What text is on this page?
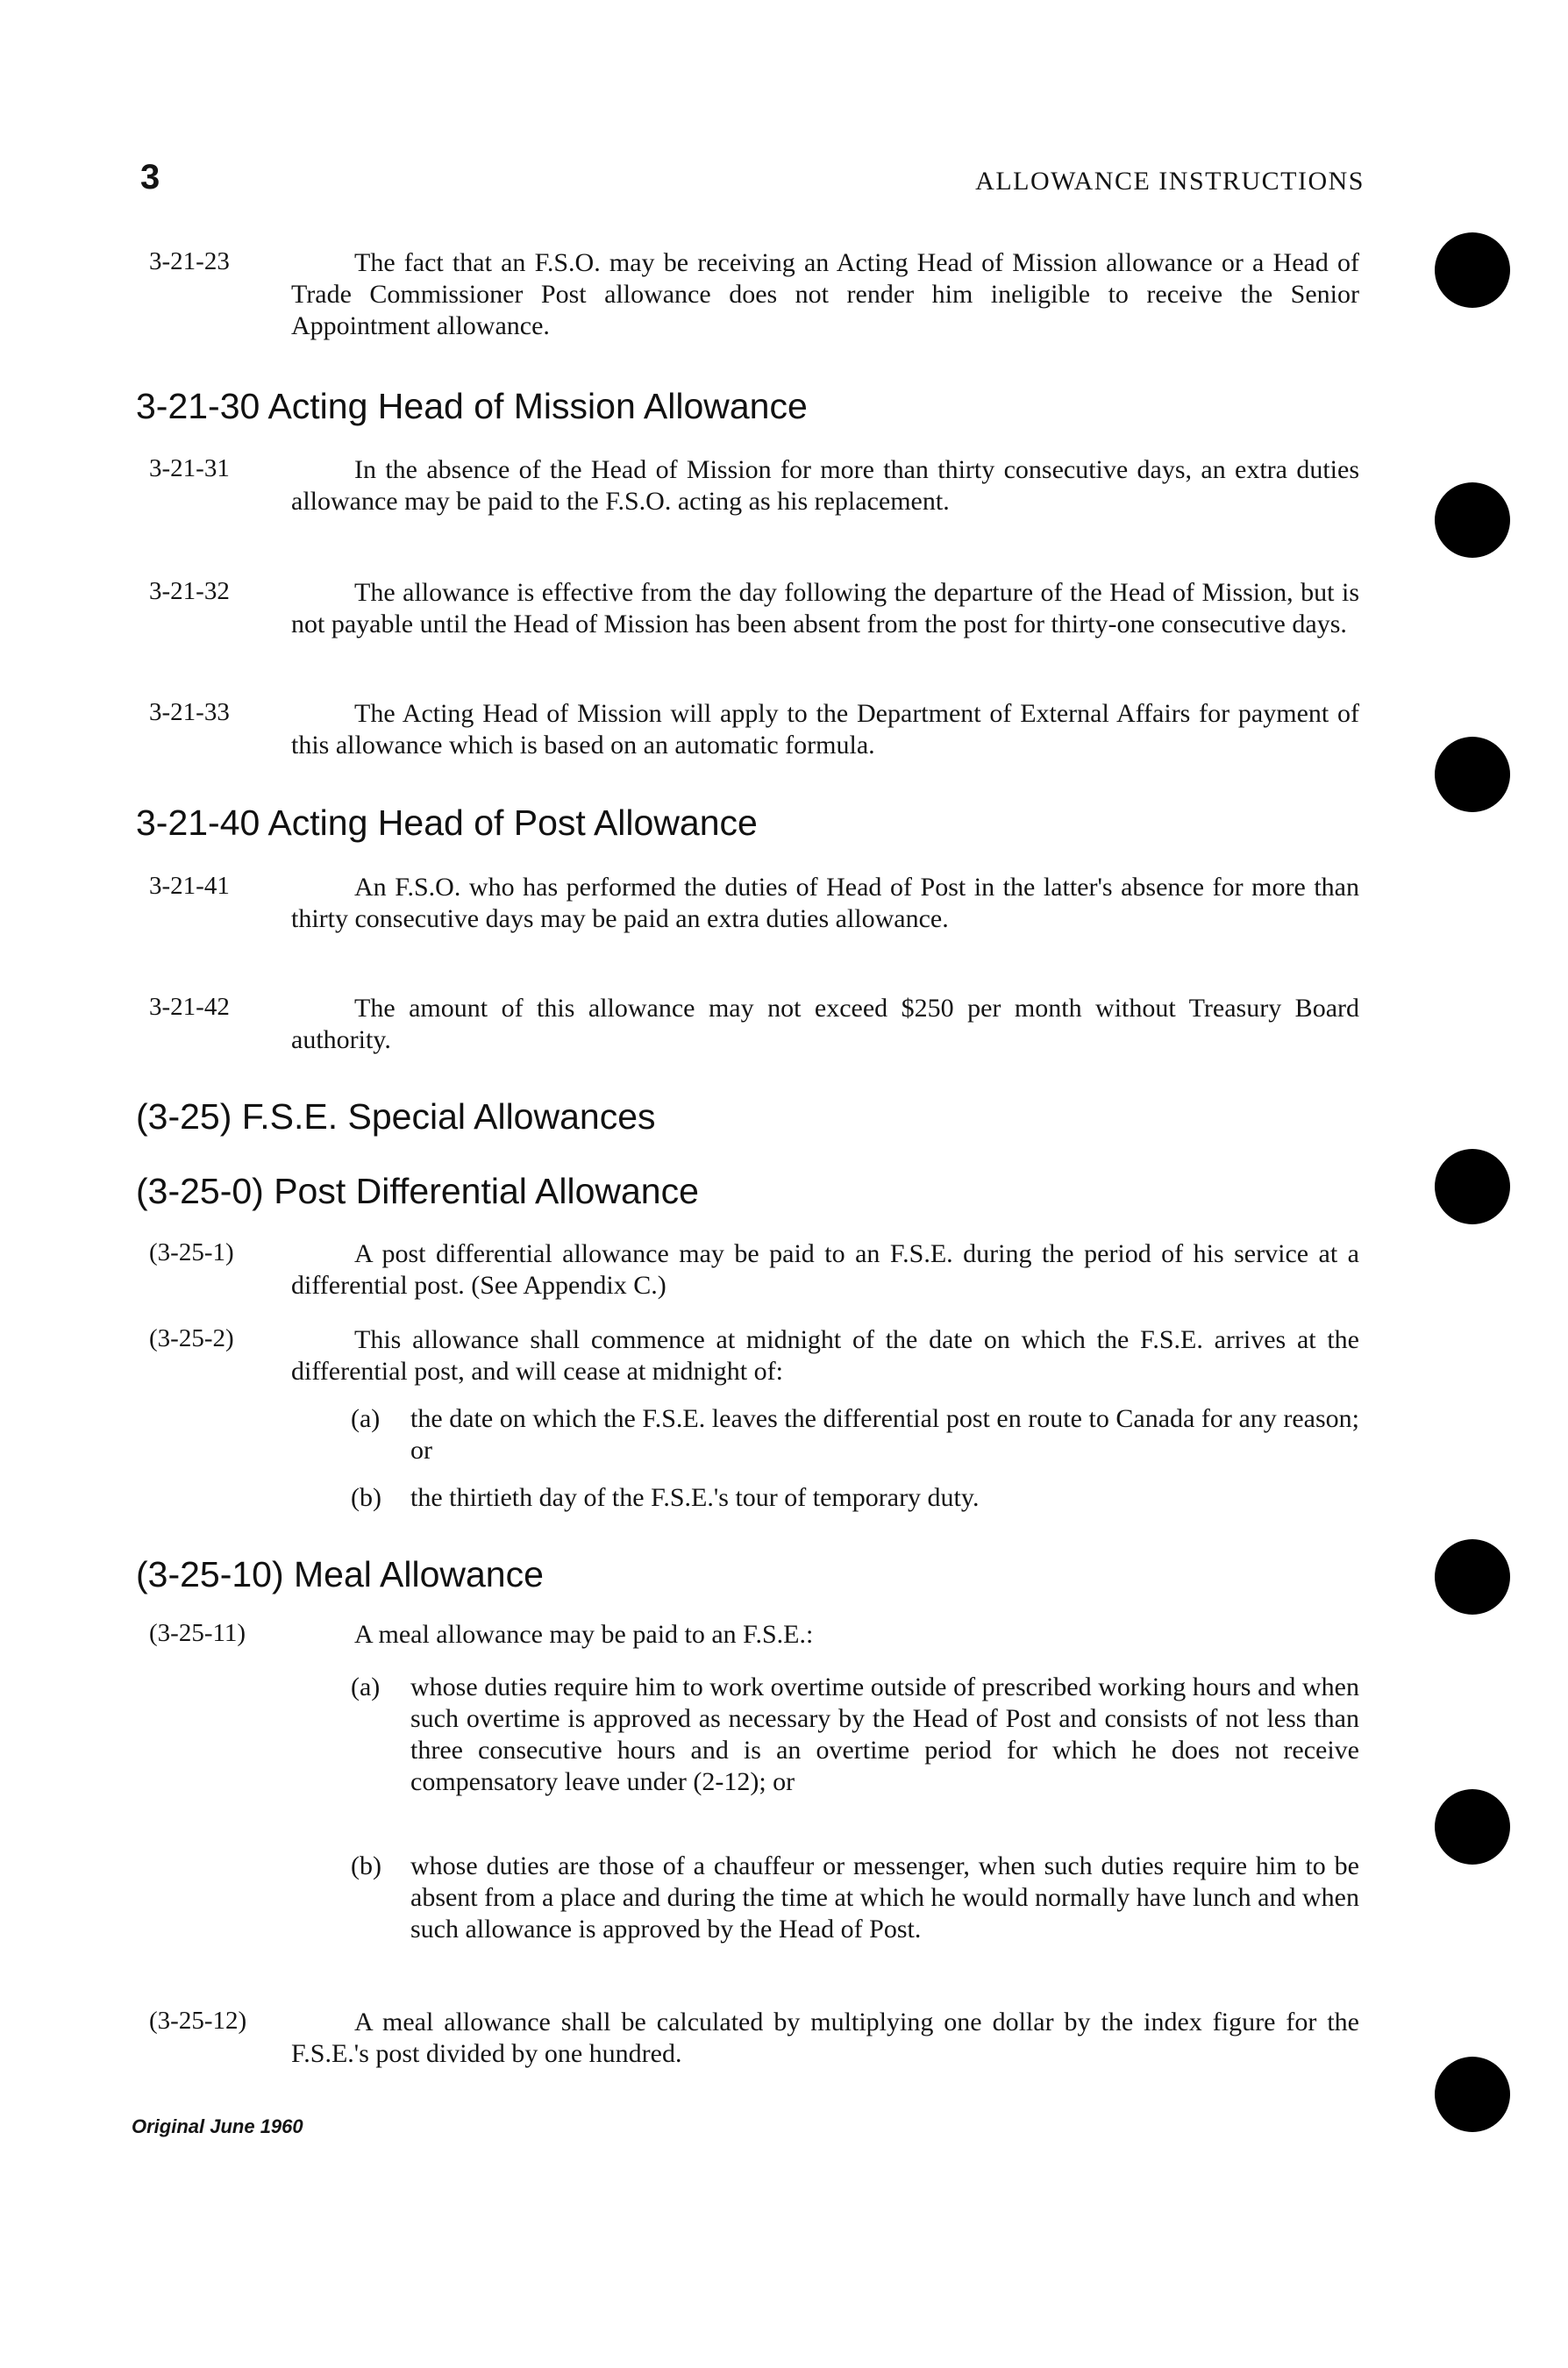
3	ALLOWANCE INSTRUCTIONS
3-21-23	The fact that an F.S.O. may be receiving an Acting Head of Mission allowance or a Head of Trade Commissioner Post allowance does not render him ineligible to receive the Senior Appointment allowance.
3-21-30 Acting Head of Mission Allowance
3-21-31	In the absence of the Head of Mission for more than thirty consecutive days, an extra duties allowance may be paid to the F.S.O. acting as his replacement.
3-21-32	The allowance is effective from the day following the departure of the Head of Mission, but is not payable until the Head of Mission has been absent from the post for thirty-one consecutive days.
3-21-33	The Acting Head of Mission will apply to the Department of External Affairs for payment of this allowance which is based on an automatic formula.
3-21-40 Acting Head of Post Allowance
3-21-41	An F.S.O. who has performed the duties of Head of Post in the latter's absence for more than thirty consecutive days may be paid an extra duties allowance.
3-21-42	The amount of this allowance may not exceed $250 per month without Treasury Board authority.
(3-25) F.S.E. Special Allowances
(3-25-0) Post Differential Allowance
(3-25-1)	A post differential allowance may be paid to an F.S.E. during the period of his service at a differential post. (See Appendix C.)
(3-25-2)	This allowance shall commence at midnight of the date on which the F.S.E. arrives at the differential post, and will cease at midnight of:
(a) the date on which the F.S.E. leaves the differential post en route to Canada for any reason; or
(b) the thirtieth day of the F.S.E.'s tour of temporary duty.
(3-25-10) Meal Allowance
(3-25-11)	A meal allowance may be paid to an F.S.E.:
(a) whose duties require him to work overtime outside of prescribed working hours and when such overtime is approved as necessary by the Head of Post and consists of not less than three consecutive hours and is an overtime period for which he does not receive compensatory leave under (2-12); or
(b) whose duties are those of a chauffeur or messenger, when such duties require him to be absent from a place and during the time at which he would normally have lunch and when such allowance is approved by the Head of Post.
(3-25-12)	A meal allowance shall be calculated by multiplying one dollar by the index figure for the F.S.E.'s post divided by one hundred.
Original June 1960
